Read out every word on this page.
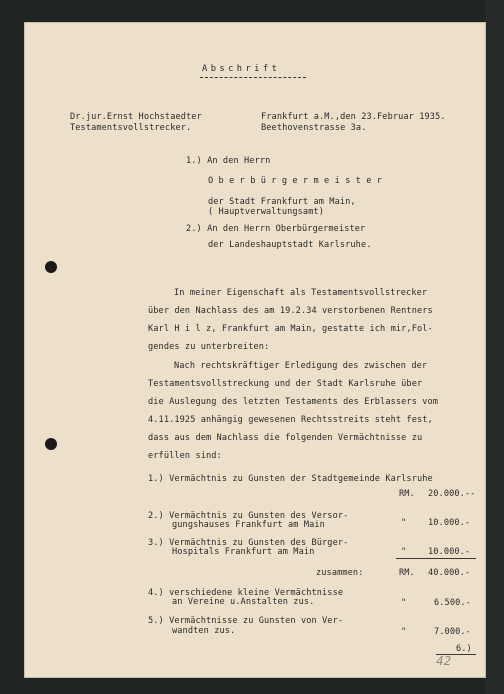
Abschrift
Dr.jur.Ernst Hochstaedter
Testamentsvollstrecker.
Frankfurt a.M.,den 23.Februar 1935.
Beethovenstrasse 3a.
1.) An den Herrn
O b e r b ü r g e r m e i s t e r
der Stadt Frankfurt am Main,
( Hauptverwaltungsamt)
2.) An den Herrn Oberbürgermeister
der Landeshauptstadt Karlsruhe.
In meiner Eigenschaft als Testamentsvollstrecker
über den Nachlass des am 19.2.34 verstorbenen Rentners
Karl H i l z, Frankfurt am Main, gestatte ich mir,Fol-
gendes zu unterbreiten:
Nach rechtskräftiger Erledigung des zwischen der
Testamentsvollstreckung und der Stadt Karlsruhe über
die Auslegung des letzten Testaments des Erblassers vom
4.11.1925 anhängig gewesenen Rechtsstreits steht fest,
dass aus dem Nachlass die folgenden Vermächtnisse zu
erfüllen sind:
1.) Vermächtnis zu Gunsten der Stadtgemeinde Karlsruhe
RM. 20.000.--
2.) Vermächtnis zu Gunsten des Versor-
gungshauses Frankfurt am Main	"	10.000.-
3.) Vermächtnis zu Gunsten des Bürger-
Hospitals Frankfurt am Main	"	10.000.-
zusammen:	RM. 40.000.-
4.) verschiedene kleine Vermächtnisse
an Vereine u.Anstalten zus.	"	6.500.-
5.) Vermächtnisse zu Gunsten von Ver-
wandten zus.	"	7.000.-
6.)
42
